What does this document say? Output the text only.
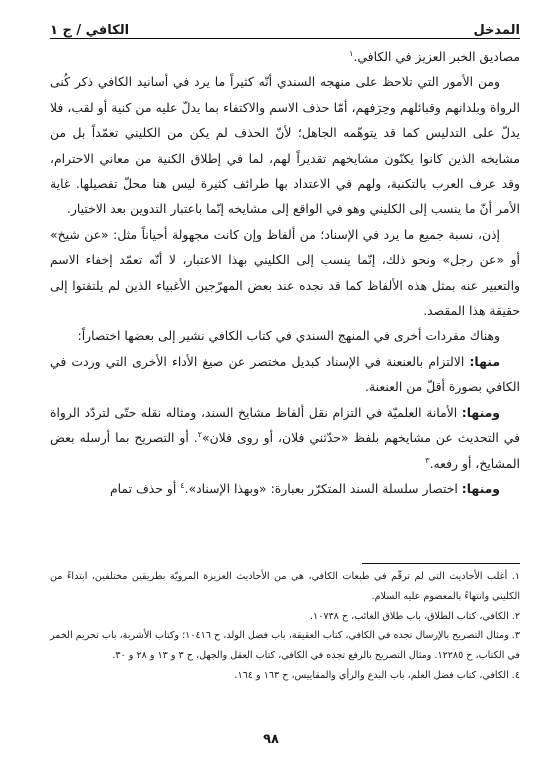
المدخل
الكافي / ج ١

مصاديق الخبر العزيز في الكافي.$^١$

ومن الأمور التي تلاحظ على منهجه السندي أنّه كثيراً ما يرد في أسانيد الكافي ذكر كُنى الرواة وبلدانهم وقبائلهم وحِرَفهم، أمّا حذف الاسم والاكتفاء بما يدلّ عليه من كنية أو لقب، فلا يدلّ على التدليس كما قد يتوهّمه الجاهل؛ لأنّ الحذف لم يكن من الكليني تعمّداً بل من مشايخه الذين كانوا يكنّون مشايخهم تقديراً لهم، لما في إطلاق الكنية من معاني الاحترام، وقد عرف العرب بالتكنية، ولهم في الاعتداد بها طرائف كثيرة ليس هنا محلّ تفصيلها. غاية الأمر أنّ ما ينسب إلى الكليني وهو في الواقع إلى مشايخه إنّما باعتبار التدوين بعد الاختيار.

إذن، نسبة جميع ما يرد في الإسناد؛ من ألفاظ وإن كانت مجهولة أحياناً مثل: «عن شيخ» أو «عن رجل» ونحو ذلك، إنّما ينسب إلى الكليني بهذا الاعتبار، لا أنّه تعمّد إخفاء الاسم والتعبير عنه بمثل هذه الألفاظ كما قد نجده عند بعض المهرّجين الأغبياء الذين لم يلتفتوا إلى حقيقة هذا المقصد.

وهناك مفردات أخرى في المنهج السندي في كتاب الكافي نشير إلى بعضها اختصاراً:

منها: الالتزام بالعنعنة في الإسناد كبديل مختصر عن صيغ الأداء الأخرى التي وردت في الكافي بصورة أقلّ من العنعنة.

ومنها: الأمانة العلميّة في التزام نقل ألفاظ مشايخ السند، ومثاله نقله حتّى لتردّد الرواة في التحديث عن مشايخهم بلفظ «حدّثني فلان، أو روى فلان»$^٢$. أو التصريح بما أرسله بعض المشايخ، أو رفعه.$^٣$

ومنها: اختصار سلسلة السند المتكرّر بعبارة: «وبهذا الإسناد».$^٤$ أو حذف تمام

١. أغلب الأحاديث التي لم ترقّم في طبعات الكافي، هي من الأحاديث العزيزة المرويّة بطريقين مختلفين، ابتداءً من الكليني وانتهاءً بالمعصوم عليه السلام.

٢. الكافي، كتاب الطلاق، باب طلاق الغائب، ح ١٠٧٣٨.

٣. ومثال التصريح بالإرسال تجده في الكافي، كتاب العقيقة، باب فضل الولد، ح ١٠٤١٦؛ وكتاب الأشربة، باب تحريم الخمر في الكتاب، ح ١٢٢٨٥. ومثال التصريح بالرفع تجده في الكافي، كتاب العقل والجهل، ح ٣ و ١٣ و ٢٨ و ٣٠.

٤. الكافي، كتاب فضل العلم، باب البدع والرأي والمقاييس، ح ١٦٣ و ١٦٤.

٩٨
